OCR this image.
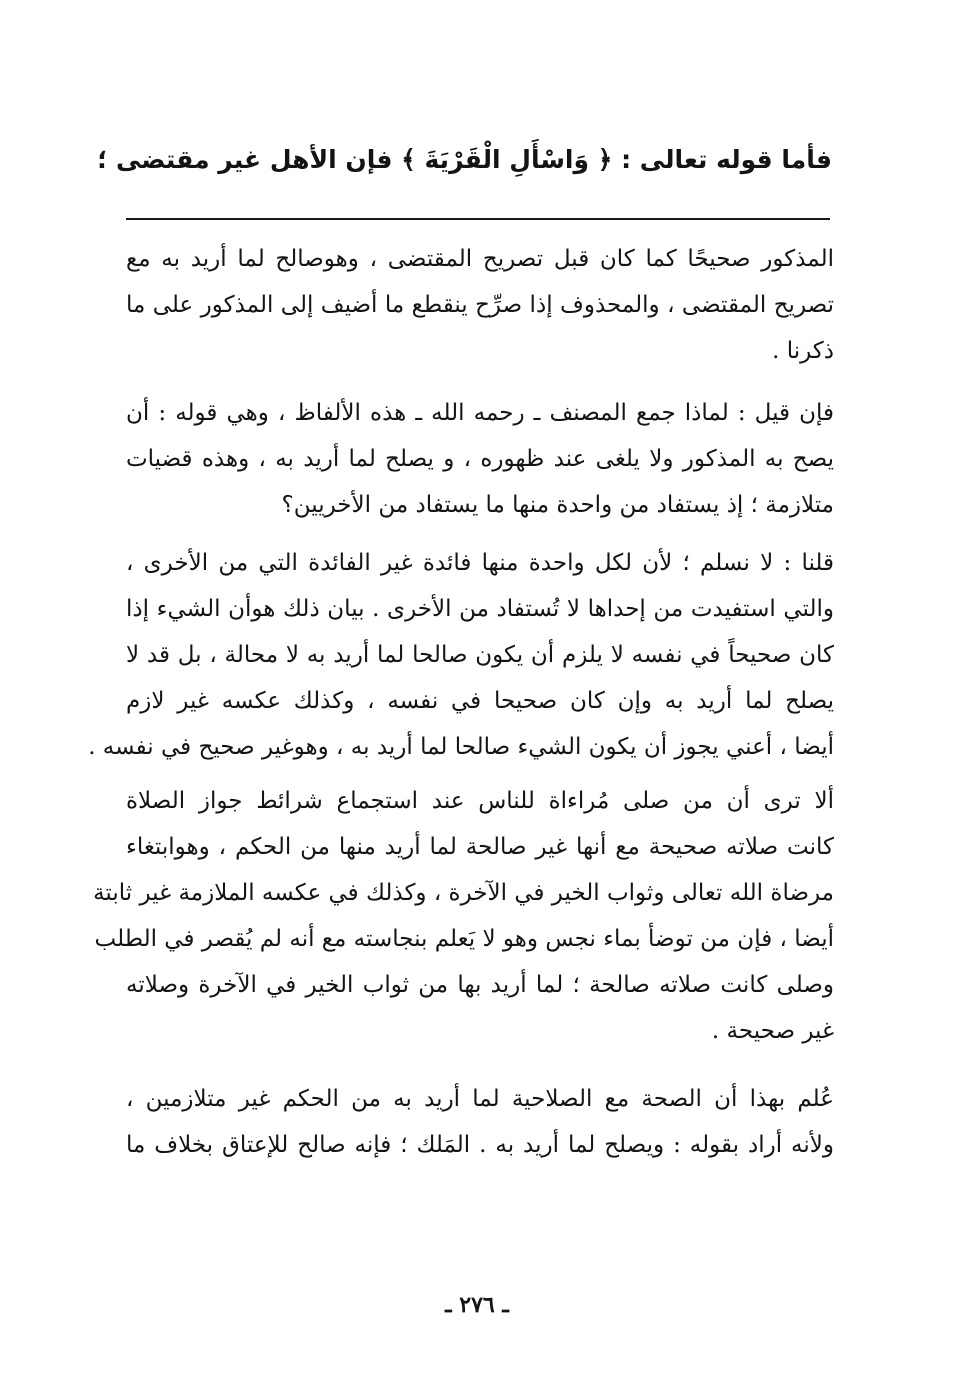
فأما قوله تعالى : ﴿ وَاسْأَلِ الْقَرْيَةَ ﴾ فإن الأهل غير مقتضى ؛

المذكور صحيحًا كما كان قبل تصريح المقتضى ، وهوصالح لما أريد به مع
تصريح المقتضى ، والمحذوف إذا صرِّح ينقطع ما أضيف إلى المذكور على ما
ذكرنا .

فإن قيل : لماذا جمع المصنف ـ رحمه الله ـ هذه الألفاظ ، وهي قوله : أن
يصح به المذكور ولا يلغى عند ظهوره ، و يصلح لما أريد به ، وهذه قضيات
متلازمة ؛ إذ يستفاد من واحدة منها ما يستفاد من الأخريين؟

قلنا : لا نسلم ؛ لأن لكل واحدة منها فائدة غير الفائدة التي من الأخرى ،
والتي استفيدت من إحداها لا تُستفاد من الأخرى . بيان ذلك هوأن الشيء إذا
كان صحيحاً في نفسه لا يلزم أن يكون صالحا لما أريد به لا محالة ، بل قد لا
يصلح لما أريد به وإن كان صحيحا في نفسه ، وكذلك عكسه غير لازم
أيضا ، أعني يجوز أن يكون الشيء صالحا لما أريد به ، وهوغير صحيح في نفسه .

ألا ترى أن من صلى مُراءاة للناس عند استجماع شرائط جواز الصلاة
كانت صلاته صحيحة مع أنها غير صالحة لما أريد منها من الحكم ، وهوابتغاء
مرضاة الله تعالى وثواب الخير في الآخرة ، وكذلك في عكسه الملازمة غير ثابتة
أيضا ، فإن من توضأ بماء نجس وهو لا يَعلم بنجاسته مع أنه لم يُقصر في الطلب
وصلى كانت صلاته صالحة ؛ لما أريد بها من ثواب الخير في الآخرة وصلاته
غير صحيحة .

عُلم بهذا أن الصحة مع الصلاحية لما أريد به من الحكم غير متلازمين ،
ولأنه أراد بقوله : ويصلح لما أريد به . المَلك ؛ فإنه صالح للإعتاق بخلاف ما

ـ ٢٧٦ ـ
